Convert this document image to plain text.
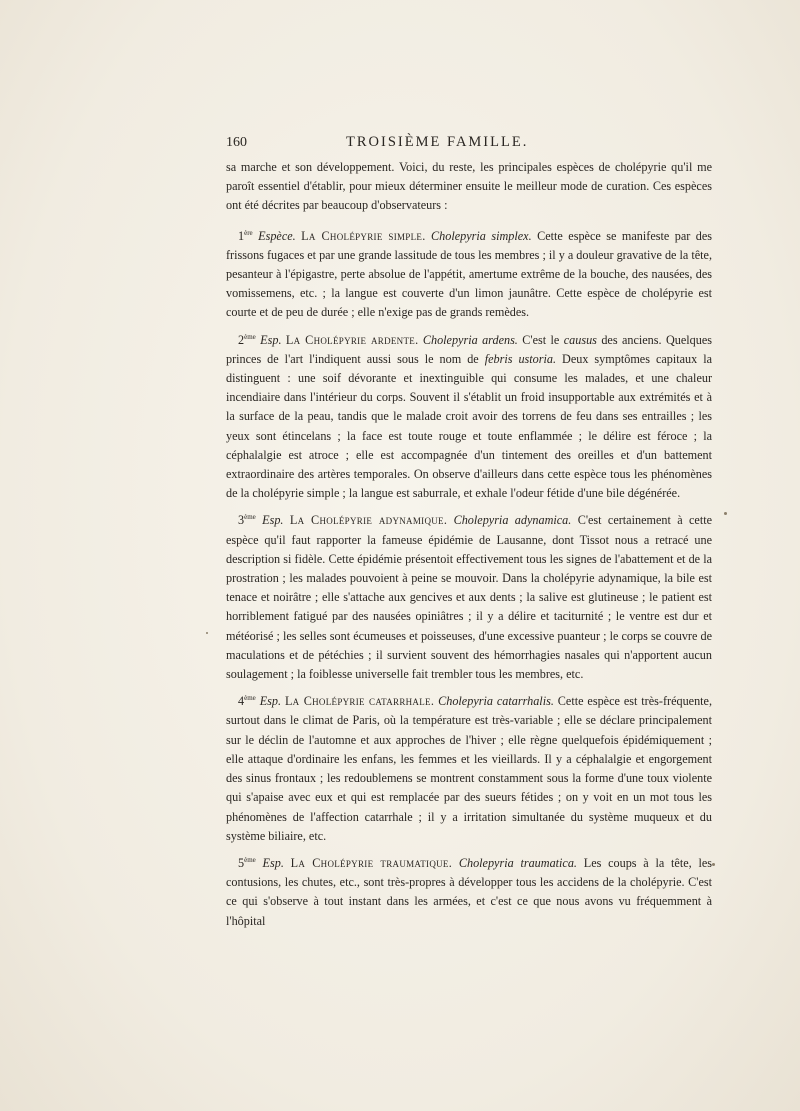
160	TROISIÈME FAMILLE.

sa marche et son développement. Voici, du reste, les principales espèces de cholépyrie qu'il me paroît essentiel d'établir, pour mieux déterminer ensuite le meilleur mode de curation. Ces espèces ont été décrites par beaucoup d'observateurs :

1ère Espèce. La Cholépyrie simple. Cholepyria simplex. Cette espèce se manifeste par des frissons fugaces et par une grande lassitude de tous les membres ; il y a douleur gravative de la tête, pesanteur à l'épigastre, perte absolue de l'appétit, amertume extrême de la bouche, des nausées, des vomissemens, etc. ; la langue est couverte d'un limon jaunâtre. Cette espèce de cholépyrie est courte et de peu de durée ; elle n'exige pas de grands remèdes.

2ème Esp. La Cholépyrie ardente. Cholepyria ardens. C'est le causus des anciens. Quelques princes de l'art l'indiquent aussi sous le nom de febris ustoria. Deux symptômes capitaux la distinguent : une soif dévorante et inextinguible qui consume les malades, et une chaleur incendiaire dans l'intérieur du corps. Souvent il s'établit un froid insupportable aux extrémités et à la surface de la peau, tandis que le malade croit avoir des torrens de feu dans ses entrailles ; les yeux sont étincelans ; la face est toute rouge et toute enflammée ; le délire est féroce ; la céphalalgie est atroce ; elle est accompagnée d'un tintement des oreilles et d'un battement extraordinaire des artères temporales. On observe d'ailleurs dans cette espèce tous les phénomènes de la cholépyrie simple ; la langue est saburrale, et exhale l'odeur fétide d'une bile dégénérée.

3ème Esp. La Cholépyrie adynamique. Cholepyria adynamica. C'est certainement à cette espèce qu'il faut rapporter la fameuse épidémie de Lausanne, dont Tissot nous a retracé une description si fidèle. Cette épidémie présentoit effectivement tous les signes de l'abattement et de la prostration ; les malades pouvoient à peine se mouvoir. Dans la cholépyrie adynamique, la bile est tenace et noirâtre ; elle s'attache aux gencives et aux dents ; la salive est glutineuse ; le patient est horriblement fatigué par des nausées opiniâtres ; il y a délire et taciturnité ; le ventre est dur et météorisé ; les selles sont écumeuses et poisseuses, d'une excessive puanteur ; le corps se couvre de maculations et de pétéchies ; il survient souvent des hémorrhagies nasales qui n'apportent aucun soulagement ; la foiblesse universelle fait trembler tous les membres, etc.

4ème Esp. La Cholépyrie catarrhale. Cholepyria catarrhalis. Cette espèce est très-fréquente, surtout dans le climat de Paris, où la température est très-variable ; elle se déclare principalement sur le déclin de l'automne et aux approches de l'hiver ; elle règne quelquefois épidémiquement ; elle attaque d'ordinaire les enfans, les femmes et les vieillards. Il y a céphalalgie et engorgement des sinus frontaux ; les redoublemens se montrent constamment sous la forme d'une toux violente qui s'apaise avec eux et qui est remplacée par des sueurs fétides ; on y voit en un mot tous les phénomènes de l'affection catarrhale ; il y a irritation simultanée du système muqueux et du système biliaire, etc.

5ème Esp. La Cholépyrie traumatique. Cholepyria traumatica. Les coups à la tête, les contusions, les chutes, etc., sont très-propres à développer tous les accidens de la cholépyrie. C'est ce qui s'observe à tout instant dans les armées, et c'est ce que nous avons vu fréquemment à l'hôpital
